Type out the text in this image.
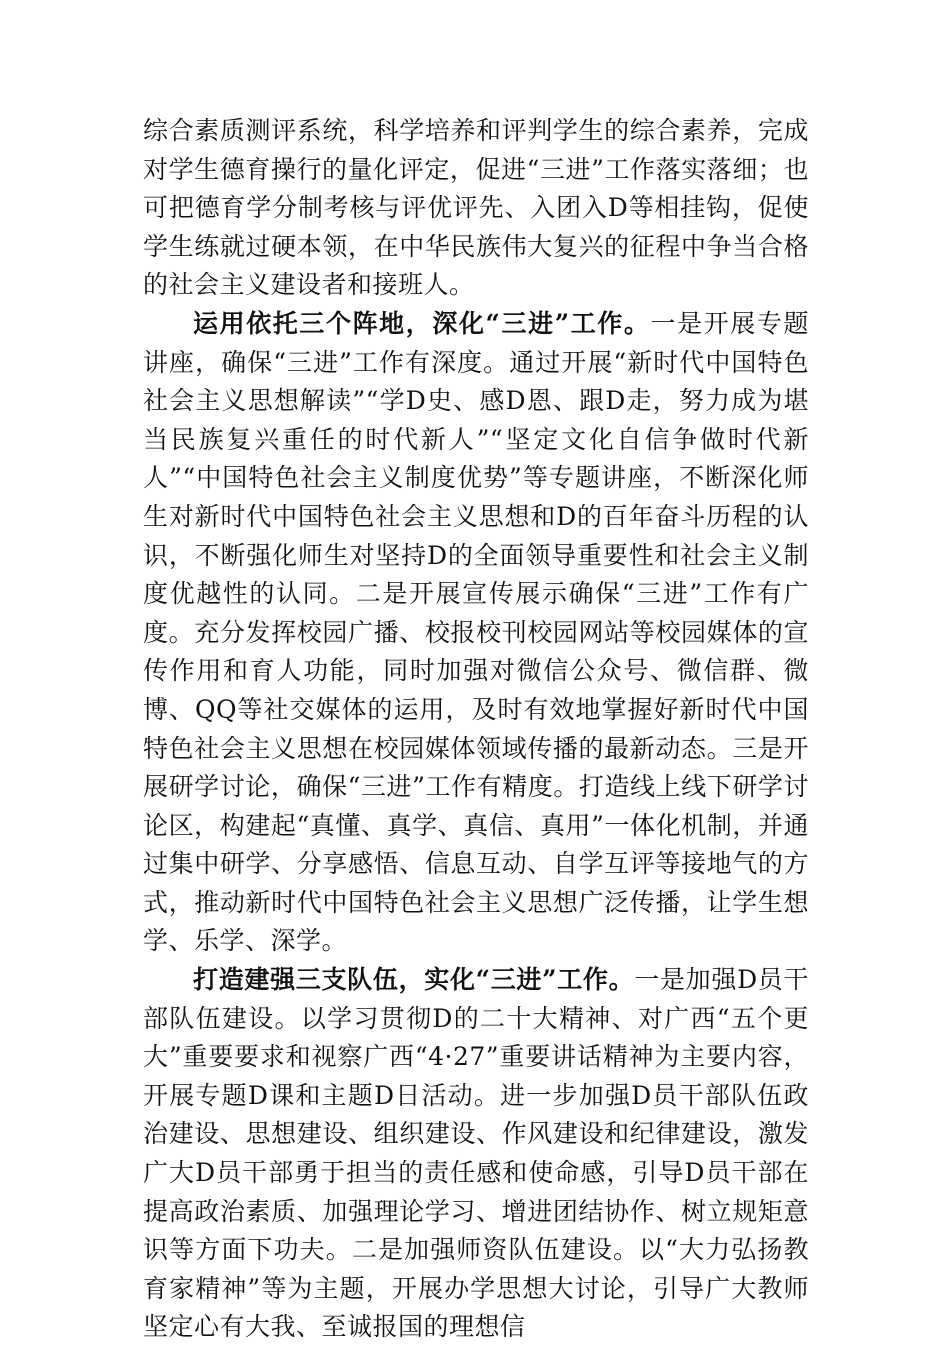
综合素质测评系统，科学培养和评判学生的综合素养，完成对学生德育操行的量化评定，促进“三进”工作落实落细；也可把德育学分制考核与评优评先、入团入D等相挂钩，促使学生练就过硬本领，在中华民族伟大复兴的征程中争当合格的社会主义建设者和接班人。

运用依托三个阵地，深化“三进”工作。一是开展专题讲座，确保“三进”工作有深度。通过开展“新时代中国特色社会主义思想解读”“学D史、感D恩、跟D走，努力成为堪当民族复兴重任的时代新人”“坚定文化自信争做时代新人”“中国特色社会主义制度优势”等专题讲座，不断深化师生对新时代中国特色社会主义思想和D的百年奋斗历程的认识，不断强化师生对坚持D的全面领导重要性和社会主义制度优越性的认同。二是开展宣传展示确保“三进”工作有广度。充分发挥校园广播、校报校刊校园网站等校园媒体的宣传作用和育人功能，同时加强对微信公众号、微信群、微博、QQ等社交媒体的运用，及时有效地掌握好新时代中国特色社会主义思想在校园媒体领域传播的最新动态。三是开展研学讨论，确保“三进”工作有精度。打造线上线下研学讨论区，构建起“真懂、真学、真信、真用”一体化机制，并通过集中研学、分享感悟、信息互动、自学互评等接地气的方式，推动新时代中国特色社会主义思想广泛传播，让学生想学、乐学、深学。

打造建强三支队伍，实化“三进”工作。一是加强D员干部队伍建设。以学习贯彻D的二十大精神、对广西“五个更大”重要要求和视察广西“4·27”重要讲话精神为主要内容，开展专题D课和主题D日活动。进一步加强D员干部队伍政治建设、思想建设、组织建设、作风建设和纪律建设，激发广大D员干部勇于担当的责任感和使命感，引导D员干部在提高政治素质、加强理论学习、增进团结协作、树立规矩意识等方面下功夫。二是加强师资队伍建设。以“大力弘扬教育家精神”等为主题，开展办学思想大讨论，引导广大教师坚定心有大我、至诚报国的理想信
